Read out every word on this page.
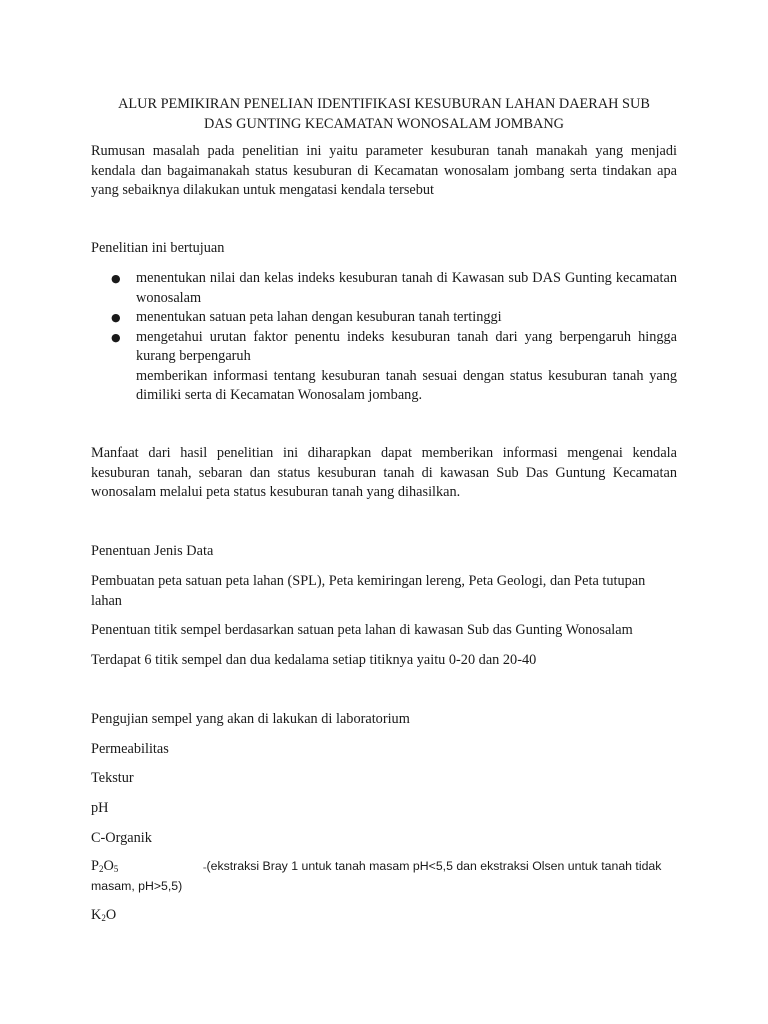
ALUR PEMIKIRAN PENELIAN IDENTIFIKASI KESUBURAN LAHAN DAERAH SUB
DAS GUNTING KECAMATAN WONOSALAM JOMBANG

Rumusan masalah pada penelitian ini yaitu parameter kesuburan tanah manakah yang menjadi kendala dan bagaimanakah status kesuburan di Kecamatan wonosalam jombang serta tindakan apa yang sebaiknya dilakukan untuk mengatasi kendala tersebut

Penelitian ini bertujuan

● menentukan nilai dan kelas indeks kesuburan tanah di Kawasan sub DAS Gunting kecamatan wonosalam
● menentukan satuan peta lahan dengan kesuburan tanah tertinggi
● mengetahui urutan faktor penentu indeks kesuburan tanah dari yang berpengaruh hingga kurang berpengaruh
memberikan informasi tentang kesuburan tanah sesuai dengan status kesuburan tanah yang dimiliki serta di Kecamatan Wonosalam jombang.

Manfaat dari hasil penelitian ini diharapkan dapat memberikan informasi mengenai kendala kesuburan tanah, sebaran dan status kesuburan tanah di kawasan Sub Das Guntung Kecamatan wonosalam melalui peta status kesuburan tanah yang dihasilkan.

Penentuan Jenis Data

Pembuatan peta satuan peta lahan (SPL), Peta kemiringan lereng, Peta Geologi, dan Peta tutupan lahan

Penentuan titik sempel berdasarkan satuan peta lahan di kawasan Sub das Gunting Wonosalam

Terdapat 6 titik sempel dan dua kedalama setiap titiknya yaitu 0-20 dan 20-40

Pengujian sempel yang akan di lakukan di laboratorium

Permeabilitas

Tekstur

pH

C-Organik

$P_2O_5$	=(ekstraksi Bray 1 untuk tanah masam pH<5,5 dan ekstraksi Olsen untuk tanah tidak
masam, pH>5,5)

$K_2O$
